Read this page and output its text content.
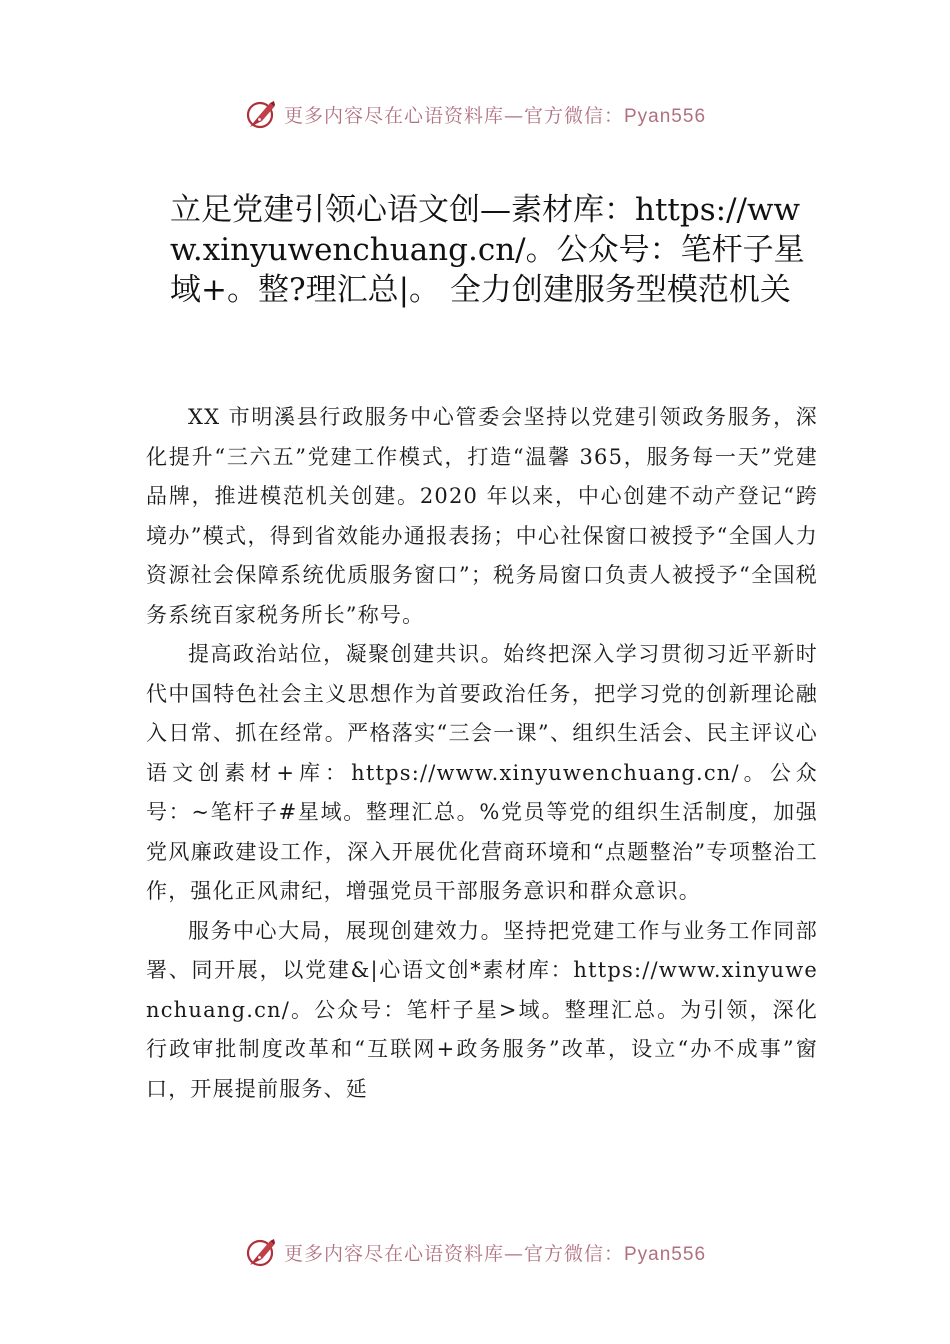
更多内容尽在心语资料库—官方微信：Pyan556
立足党建引领心语文创—素材库：https://www.xinyuwenchuang.cn/。公众号：笔杆子星域+。整?理汇总|。 全力创建服务型模范机关

XX 市明溪县行政服务中心管委会坚持以党建引领政务服务，深化提升“三六五”党建工作模式，打造“温馨 365，服务每一天”党建品牌，推进模范机关创建。2020 年以来，中心创建不动产登记“跨境办”模式，得到省效能办通报表扬；中心社保窗口被授予“全国人力资源社会保障系统优质服务窗口”；税务局窗口负责人被授予“全国税务系统百家税务所长”称号。

提高政治站位，凝聚创建共识。始终把深入学习贯彻习近平新时代中国特色社会主义思想作为首要政治任务，把学习党的创新理论融入日常、抓在经常。严格落实“三会一课”、组织生活会、民主评议心语文创素材+库：https://www.xinyuwenchuang.cn/。公众号：~笔杆子#星域。整理汇总。%党员等党的组织生活制度，加强党风廉政建设工作，深入开展优化营商环境和“点题整治”专项整治工作，强化正风肃纪，增强党员干部服务意识和群众意识。

服务中心大局，展现创建效力。坚持把党建工作与业务工作同部署、同开展，以党建&|心语文创*素材库：https://www.xinyuwenchuang.cn/。公众号：笔杆子星>域。整理汇总。为引领，深化行政审批制度改革和“互联网+政务服务”改革，设立“办不成事”窗口，开展提前服务、延

更多内容尽在心语资料库—官方微信：Pyan556
